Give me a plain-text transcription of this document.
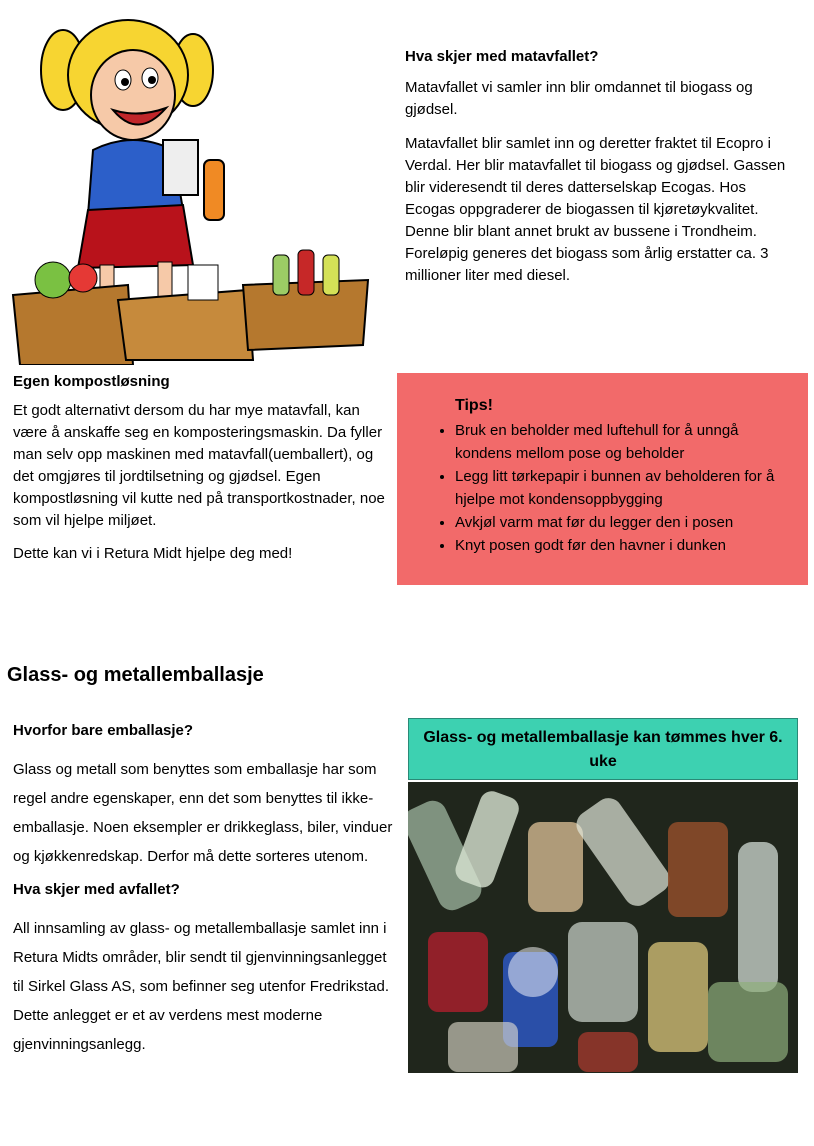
Hva skjer med matavfallet?

Matavfallet vi samler inn blir omdannet til biogass og gjødsel.

Matavfallet blir samlet inn og deretter fraktet til Ecopro i Verdal. Her blir matavfallet til biogass og gjødsel. Gassen blir videresendt til deres datterselskap Ecogas. Hos Ecogas oppgraderer de biogassen til kjøretøykvalitet. Denne blir blant annet brukt av bussene i Trondheim. Foreløpig generes det biogass som årlig erstatter ca. 3 millioner liter med diesel.

Egen kompostløsning

Et godt alternativt dersom du har mye matavfall, kan være å anskaffe seg en komposteringsmaskin. Da fyller man selv opp maskinen med matavfall(uemballert), og det omgjøres til jordtilsetning og gjødsel. Egen kompostløsning vil kutte ned på transportkostnader, noe som vil hjelpe miljøet.

Dette kan vi i Retura Midt hjelpe deg med!

Tips!
• Bruk en beholder med luftehull for å unngå kondens mellom pose og beholder
• Legg litt tørkepapir i bunnen av beholderen for å hjelpe mot kondensoppbygging
• Avkjøl varm mat før du legger den i posen
• Knyt posen godt før den havner i dunken
Glass- og metallemballasje
Hvorfor bare emballasje?

Glass og metall som benyttes som emballasje har som regel andre egenskaper, enn det som benyttes til ikke-emballasje. Noen eksempler er drikkeglass, biler, vinduer og kjøkkenredskap. Derfor må dette sorteres utenom.

Hva skjer med avfallet?

All innsamling av glass- og metallemballasje samlet inn i Retura Midts områder, blir sendt til gjenvinningsanlegget til Sirkel Glass AS, som befinner seg utenfor Fredrikstad. Dette anlegget er et av verdens mest moderne gjenvinningsanlegg.

Glass- og metallemballasje kan tømmes hver 6. uke
